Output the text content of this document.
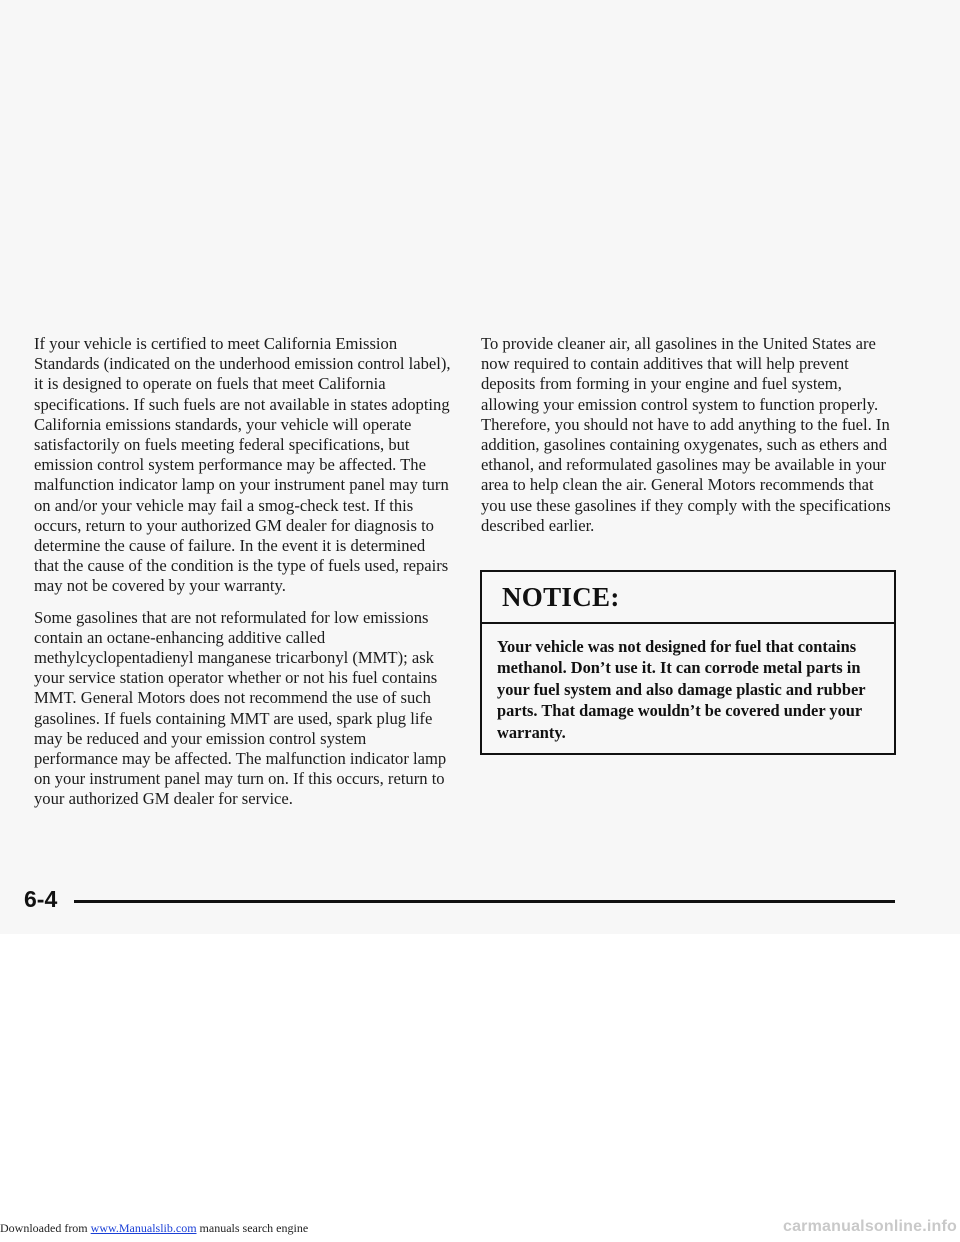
If your vehicle is certified to meet California Emission Standards (indicated on the underhood emission control label), it is designed to operate on fuels that meet California specifications. If such fuels are not available in states adopting California emissions standards, your vehicle will operate satisfactorily on fuels meeting federal specifications, but emission control system performance may be affected. The malfunction indicator lamp on your instrument panel may turn on and/or your vehicle may fail a smog-check test. If this occurs, return to your authorized GM dealer for diagnosis to determine the cause of failure. In the event it is determined that the cause of the condition is the type of fuels used, repairs may not be covered by your warranty.

Some gasolines that are not reformulated for low emissions contain an octane-enhancing additive called methylcyclopentadienyl manganese tricarbonyl (MMT); ask your service station operator whether or not his fuel contains MMT. General Motors does not recommend the use of such gasolines. If fuels containing MMT are used, spark plug life may be reduced and your emission control system performance may be affected. The malfunction indicator lamp on your instrument panel may turn on. If this occurs, return to your authorized GM dealer for service.

To provide cleaner air, all gasolines in the United States are now required to contain additives that will help prevent deposits from forming in your engine and fuel system, allowing your emission control system to function properly. Therefore, you should not have to add anything to the fuel. In addition, gasolines containing oxygenates, such as ethers and ethanol, and reformulated gasolines may be available in your area to help clean the air. General Motors recommends that you use these gasolines if they comply with the specifications described earlier.

NOTICE:
Your vehicle was not designed for fuel that contains methanol. Don’t use it. It can corrode metal parts in your fuel system and also damage plastic and rubber parts. That damage wouldn’t be covered under your warranty.
6-4
Downloaded from www.Manualslib.com manuals search engine	carmanualsonline.info
